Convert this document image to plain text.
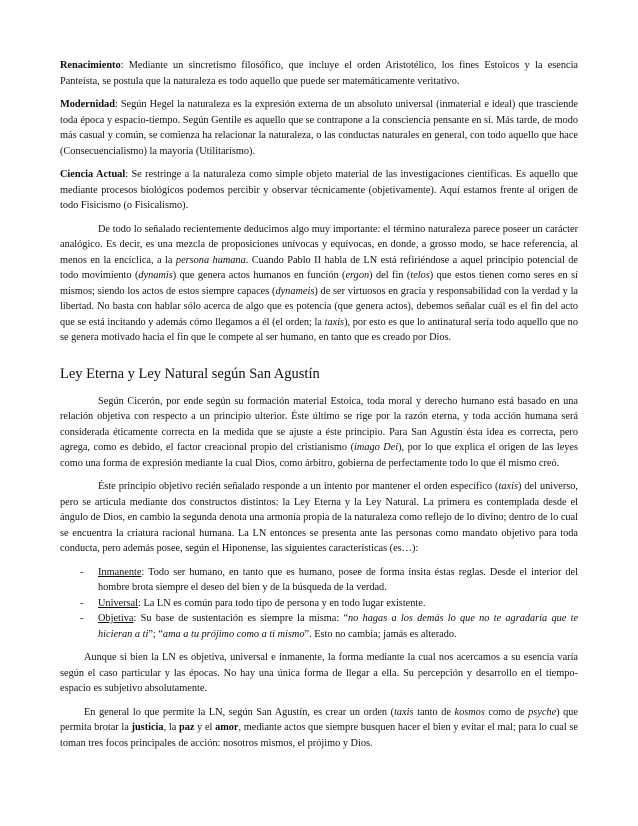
Renacimiento: Mediante un sincretismo filosófico, que incluye el orden Aristotélico, los fines Estoicos y la esencia Panteísta, se postula que la naturaleza es todo aquello que puede ser matemáticamente veritativo.

Modernidad: Según Hegel la naturaleza es la expresión externa de un absoluto universal (inmaterial e ideal) que trasciende toda época y espacio-tiempo. Según Gentile es aquello que se contrapone a la consciencia pensante en sí. Más tarde, de modo más casual y común, se comienza ha relacionar la naturaleza, o las conductas naturales en general, con todo aquello que hace (Consecuencialismo) la mayoría (Utilitarismo).

Ciencia Actual: Se restringe a la naturaleza como simple objeto material de las investigaciones científicas. Es aquello que mediante procesos biológicos podemos percibir y observar técnicamente (objetivamente). Aquí estamos frente al origen de todo Fisicismo (o Fisicalismo).

De todo lo señalado recientemente deducimos algo muy importante: el término naturaleza parece poseer un carácter analógico. Es decir, es una mezcla de proposiciones unívocas y equívocas, en donde, a grosso modo, se hace referencia, al menos en la encíclica, a la persona humana. Cuando Pablo II habla de LN está refiriéndose a aquel principio potencial de todo movimiento (dynamis) que genera actos humanos en función (ergon) del fin (telos) que estos tienen como seres en sí mismos; siendo los actos de estos siempre capaces (dynameis) de ser virtuosos en gracia y responsabilidad con la verdad y la libertad. No basta con hablar sólo acerca de algo que es potencia (que genera actos), debemos señalar cuál es el fin del acto que se está incitando y además cómo llegamos a él (el orden; la taxis), por esto es que lo antinatural sería todo aquello que no se genera motivado hacia el fin que le compete al ser humano, en tanto que es creado por Dios.

Ley Eterna y Ley Natural según San Agustín

Según Cicerón, por ende según su formación material Estoica, toda moral y derecho humano está basado en una relación objetiva con respecto a un principio ulterior. Éste último se rige por la razón eterna, y toda acción humana será considerada éticamente correcta en la medida que se ajuste a éste principio. Para San Agustín ésta idea es correcta, pero agrega, como es debido, el factor creacional propio del cristianismo (imago Dei), por lo que explica el origen de las leyes como una forma de expresión mediante la cual Dios, como árbitro, gobierna de perfectamente todo lo que él mismo creó.

Éste principio objetivo recién señalado responde a un intento por mantener el orden específico (taxis) del universo, pero se articula mediante dos constructos distintos: la Ley Eterna y la Ley Natural. La primera es contemplada desde el ángulo de Dios, en cambio la segunda denota una armonía propia de la naturaleza como reflejo de lo divino; dentro de lo cual se encuentra la criatura racional humana. La LN entonces se presenta ante las personas como mandato objetivo para toda conducta, pero además posee, según el Hiponense, las siguientes características (es…):

- Inmanente: Todo ser humano, en tanto que es humano, posee de forma ínsita éstas reglas. Desde el interior del hombre brota siempre el deseo del bien y de la búsqueda de la verdad.
- Universal: La LN es común para todo tipo de persona y en todo lugar existente.
- Objetiva: Su base de sustentación es siempre la misma: “no hagas a los demás lo que no te agradaría que te hicieran a ti”; “ama a tu prójimo como a ti mismo”. Esto no cambia; jamás es alterado.

Aunque si bien la LN es objetiva, universal e inmanente, la forma mediante la cual nos acercamos a su esencia varía según el caso particular y las épocas. No hay una única forma de llegar a ella. Su percepción y desarrollo en el tiempo-espacio es subjetivo absolutamente.

En general lo que permite la LN, según San Agustín, es crear un orden (taxis tanto de kosmos como de psyche) que permita brotar la justicia, la paz y el amor, mediante actos que siempre busquen hacer el bien y evitar el mal; para lo cual se toman tres focos principales de acción: nosotros mismos, el prójimo y Dios.
